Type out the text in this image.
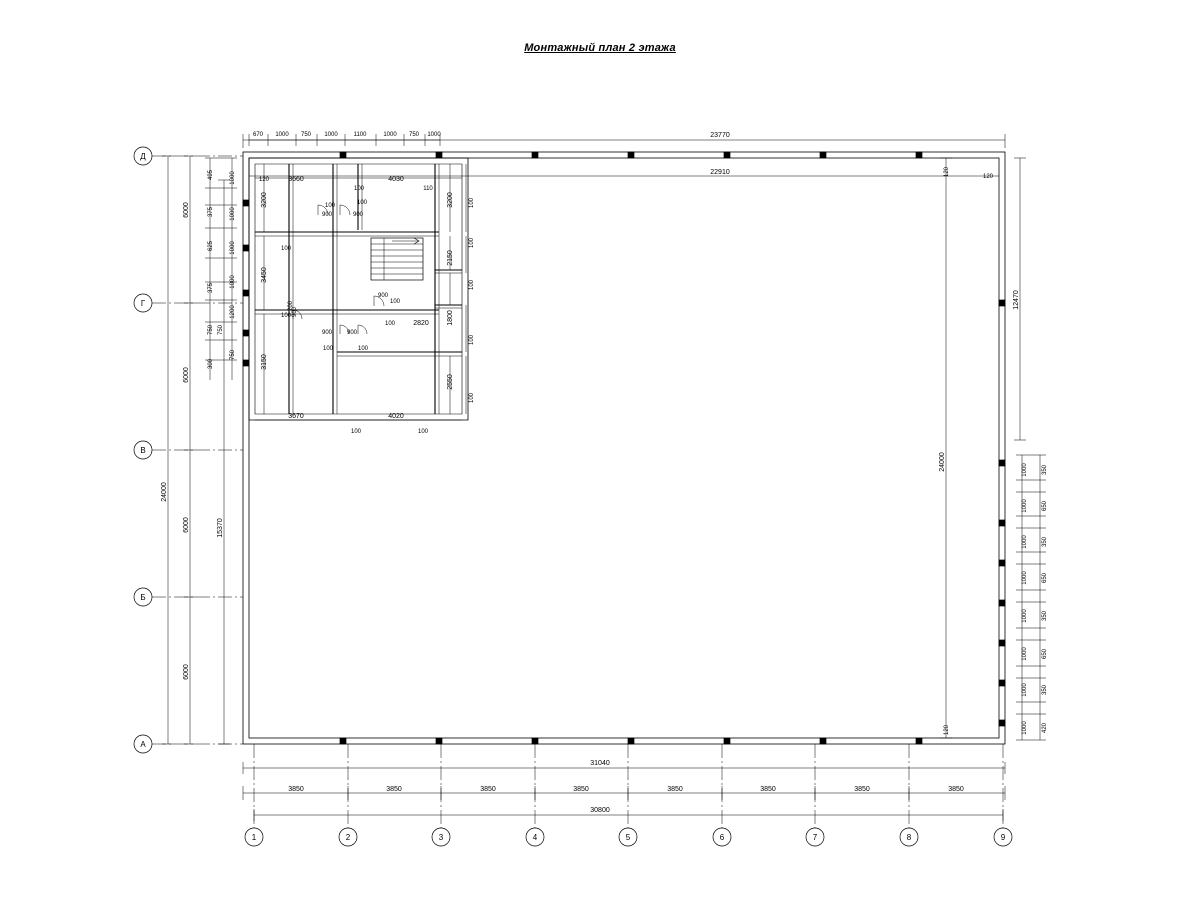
Монтажный план 2 этажа
Д
Г
В
Б
А
1	2	3	4	5	6	7	8	9
23770
22910
670 1000 750 1000	1100	1000 750 1000
120
120	120
120
3660	4030
3670	4020
2820
3200
3450
3150
3200
2150
1800
2550
200
100	110
100	100	100
100
100
100
100
100
100
100
100
100	100
100	100
900	900
900
900 900
900
495
375
625
375
750
300
1000
1000
1000
1000
1200
750
750
24000
6000
6000
6000
6000
15370
24000
12470
1000
1000
1000
1000
1000
1000
1000
1000
350
650
350
650
350
650
350
420
31040
3850	3850	3850	3850	3850	3850	3850	3850
30800
